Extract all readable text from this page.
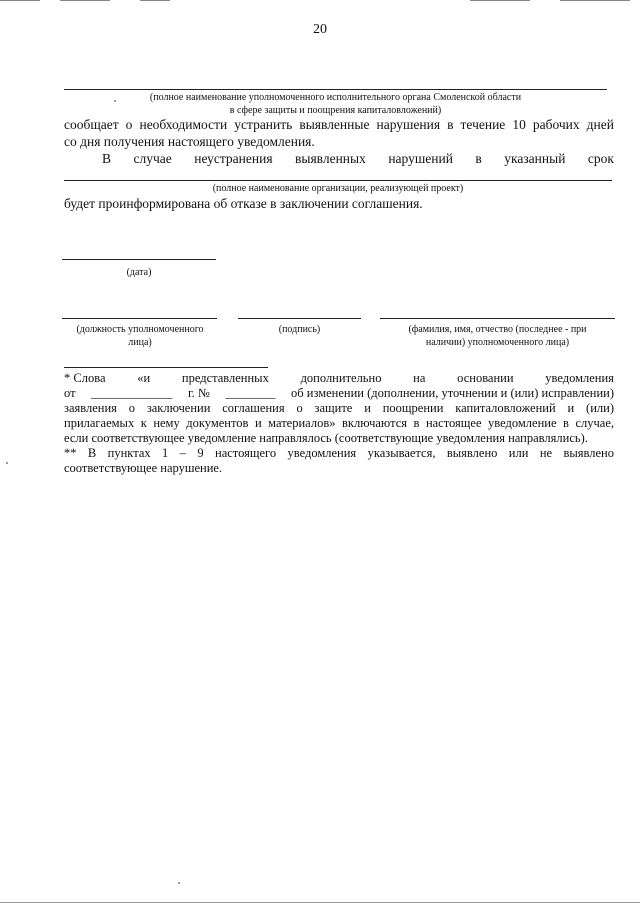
20
(полное наименование уполномоченного исполнительного органа Смоленской области
в сфере защиты и поощрения капиталовложений)
сообщает о необходимости устранить выявленные нарушения в течение 10 рабочих дней
со дня получения настоящего уведомления.
В случае неустранения выявленных нарушений в указанный срок
(полное наименование организации, реализующей проект)
будет проинформирована об отказе в заключении соглашения.
(дата)
(должность уполномоченного
лица)
(подпись)	(фамилия, имя, отчество (последнее - при
наличии) уполномоченного лица)
* Слова	«и	представленных	дополнительно	на	основании	уведомления
от _____________ г. № ________ об изменении (дополнении, уточнении и (или) исправлении)
заявления о заключении соглашения о защите и поощрении капиталовложений и (или)
прилагаемых к нему документов и материалов» включаются в настоящее уведомление в случае,
если соответствующее уведомление направлялось (соответствующие уведомления направлялись).
** В пунктах 1 – 9 настоящего уведомления указывается, выявлено или не выявлено
соответствующее нарушение.
